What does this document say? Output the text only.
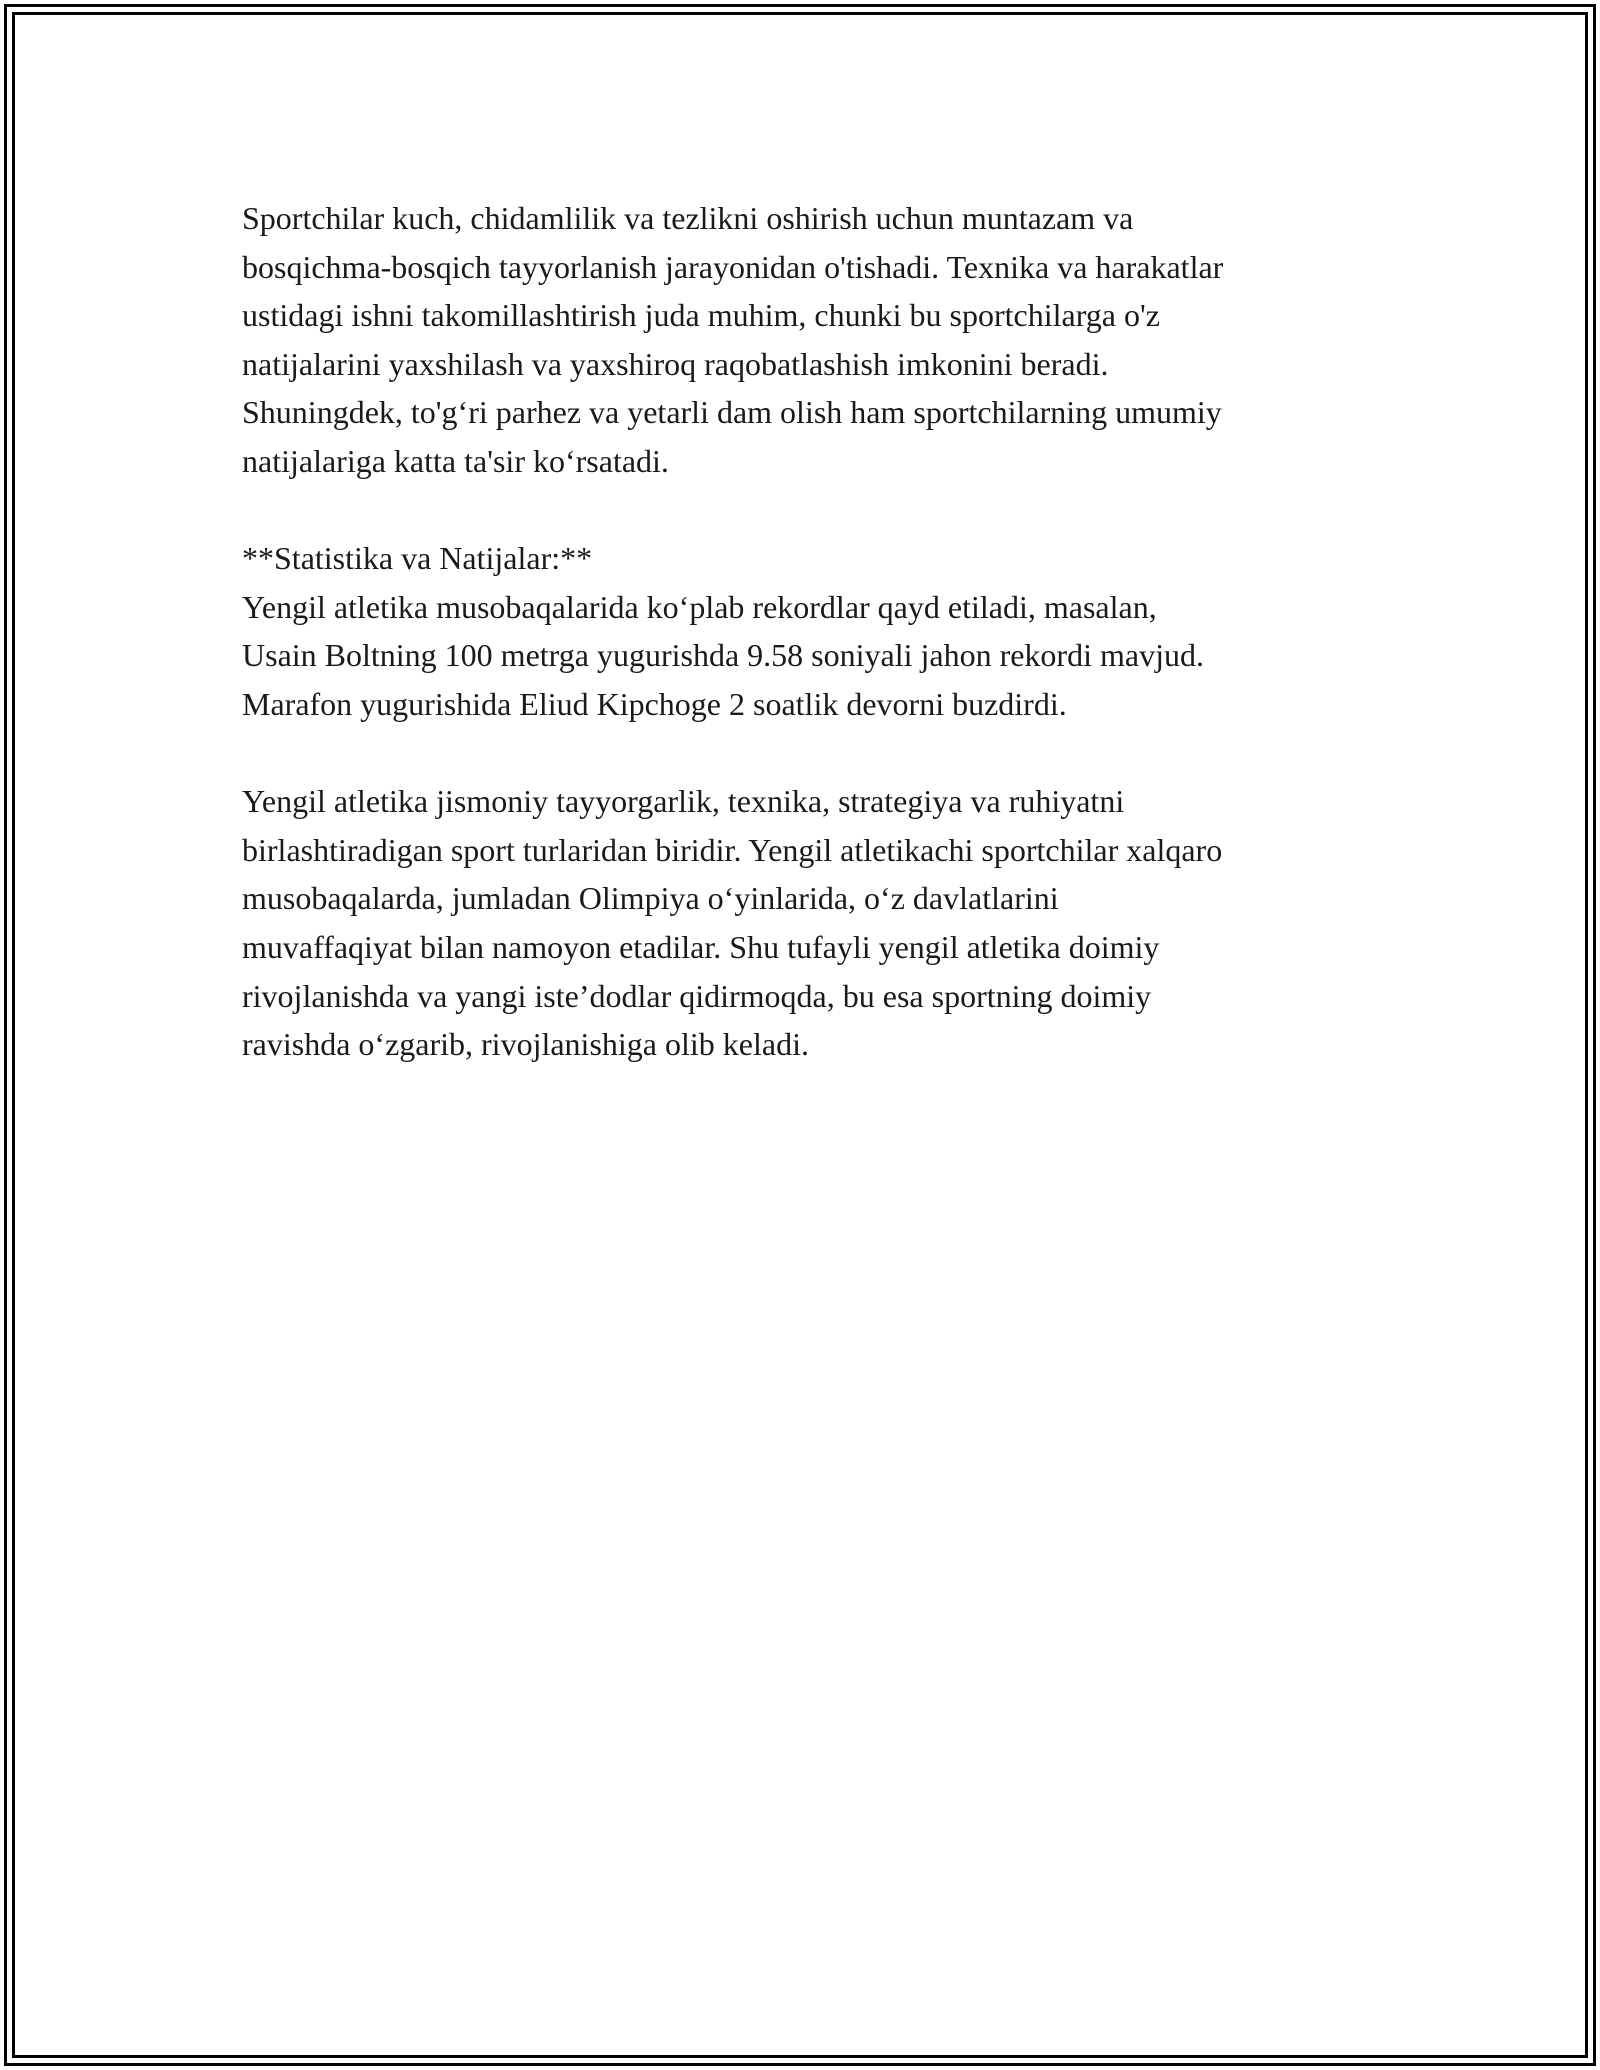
Sportchilar kuch, chidamlilik va tezlikni oshirish uchun muntazam va
bosqichma-bosqich tayyorlanish jarayonidan o'tishadi. Texnika va harakatlar
ustidagi ishni takomillashtirish juda muhim, chunki bu sportchilarga o'z
natijalarini yaxshilash va yaxshiroq raqobatlashish imkonini beradi.
Shuningdek, to'g‘ri parhez va yetarli dam olish ham sportchilarning umumiy
natijalariga katta ta'sir ko‘rsatadi.

**Statistika va Natijalar:**
Yengil atletika musobaqalarida ko‘plab rekordlar qayd etiladi, masalan,
Usain Boltning 100 metrga yugurishda 9.58 soniyali jahon rekordi mavjud.
Marafon yugurishida Eliud Kipchoge 2 soatlik devorni buzdirdi.

Yengil atletika jismoniy tayyorgarlik, texnika, strategiya va ruhiyatni
birlashtiradigan sport turlaridan biridir. Yengil atletikachi sportchilar xalqaro
musobaqalarda, jumladan Olimpiya o‘yinlarida, o‘z davlatlarini
muvaffaqiyat bilan namoyon etadilar. Shu tufayli yengil atletika doimiy
rivojlanishda va yangi iste’dodlar qidirmoqda, bu esa sportning doimiy
ravishda o‘zgarib, rivojlanishiga olib keladi.
